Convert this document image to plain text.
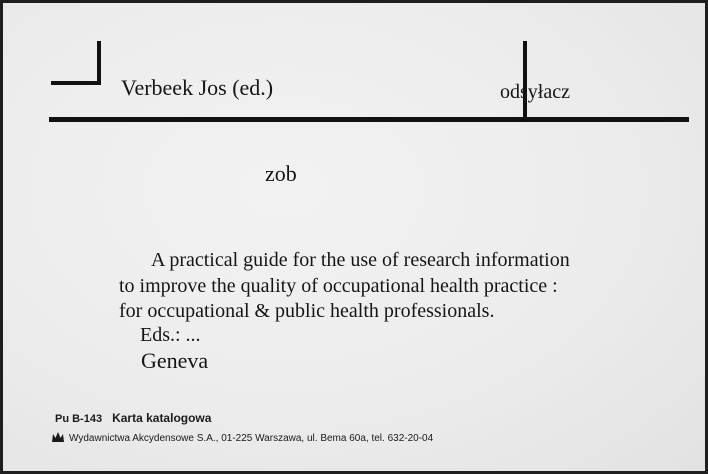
Verbeek Jos (ed.)	odsyłacz
zob
A practical guide for the use of research information
to improve the quality of occupational health practice :
for occupational & public health professionals.
Eds.: ...
Geneva
Pu B-143 Karta katalogowa
Wydawnictwa Akcydensowe S.A., 01-225 Warszawa, ul. Bema 60a, tel. 632-20-04
